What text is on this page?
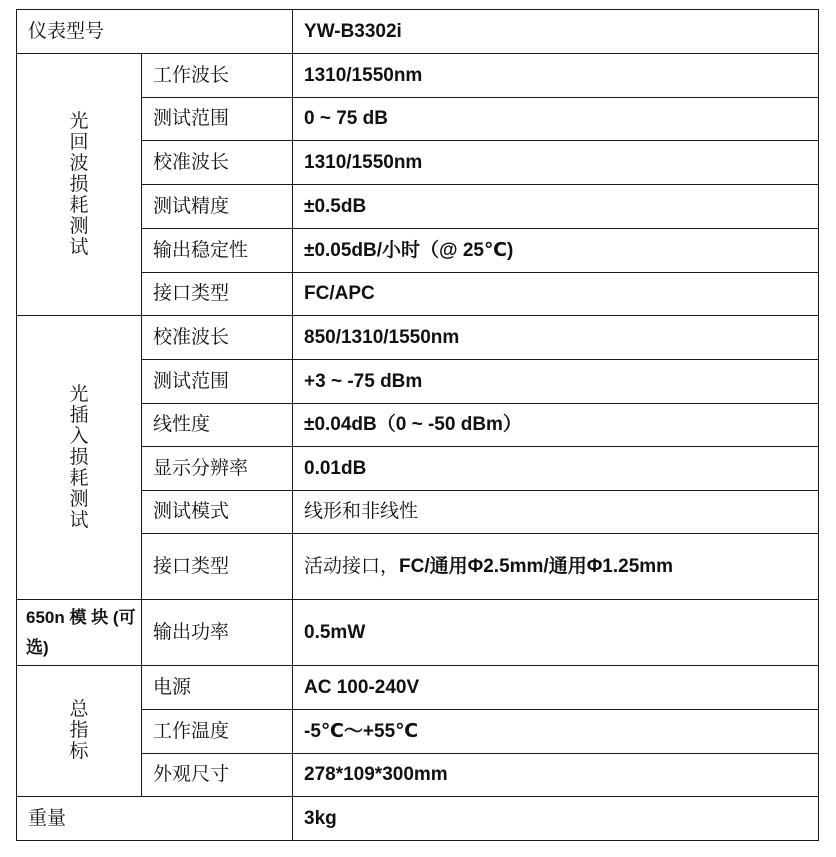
仪表型号		YW-B3302i

光回波损耗测试	工作波长	1310/1550nm

	测试范围	0 ~ 75 dB

	校准波长	1310/1550nm

	测试精度	±0.5dB

	输出稳定性	±0.05dB/小时（@ 25℃)

	接口类型	FC/APC

光插入损耗测试	校准波长	850/1310/1550nm

	测试范围	+3 ~ -75 dBm

	线性度	±0.04dB（0 ~ -50 dBm）

	显示分辨率	0.01dB

	测试模式	线形和非线性

	接口类型	活动接口，FC/通用Φ2.5mm/通用Φ1.25mm

650n 模 块 (可选)	输出功率	0.5mW

总指标	电源	AC 100-240V

	工作温度	-5℃～+55℃

	外观尺寸	278*109*300mm

重量		3kg
